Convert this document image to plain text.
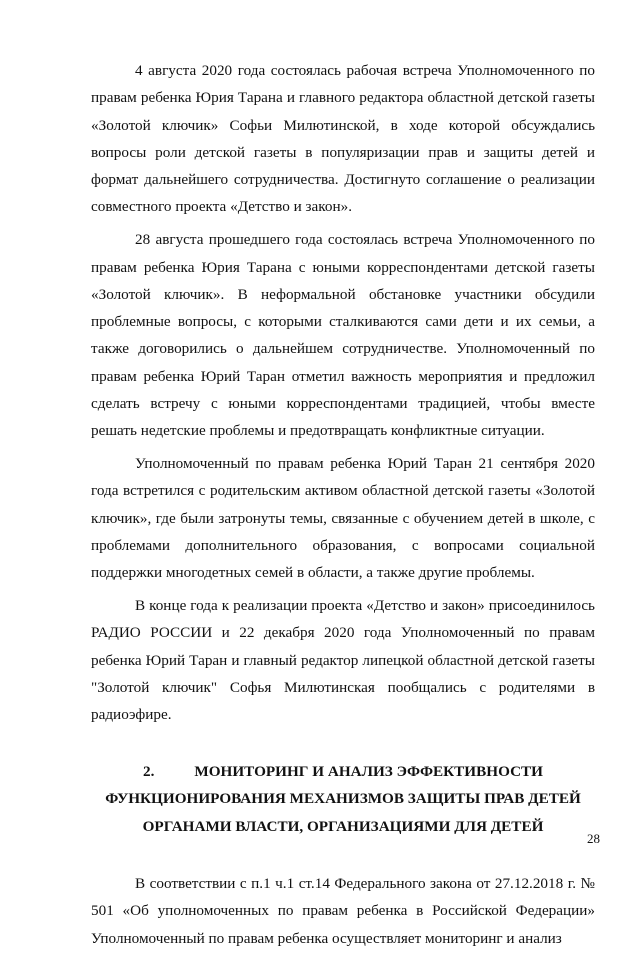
4 августа 2020 года состоялась рабочая встреча Уполномоченного по правам ребенка Юрия Тарана и главного редактора областной детской газеты «Золотой ключик» Софьи Милютинской, в ходе которой обсуждались вопросы роли детской газеты в популяризации прав и защиты детей и формат дальнейшего сотрудничества. Достигнуто соглашение о реализации совместного проекта «Детство и закон».

28 августа прошедшего года состоялась встреча Уполномоченного по правам ребенка Юрия Тарана с юными корреспондентами детской газеты «Золотой ключик». В неформальной обстановке участники обсудили проблемные вопросы, с которыми сталкиваются сами дети и их семьи, а также договорились о дальнейшем сотрудничестве. Уполномоченный по правам ребенка Юрий Таран отметил важность мероприятия и предложил сделать встречу с юными корреспондентами традицией, чтобы вместе решать недетские проблемы и предотвращать конфликтные ситуации.

Уполномоченный по правам ребенка Юрий Таран 21 сентября 2020 года встретился с родительским активом областной детской газеты «Золотой ключик», где были затронуты темы, связанные с обучением детей в школе, с проблемами дополнительного образования, с вопросами социальной поддержки многодетных семей в области, а также другие проблемы.

В конце года к реализации проекта «Детство и закон» присоединилось РАДИО РОССИИ и 22 декабря 2020 года Уполномоченный по правам ребенка Юрий Таран и главный редактор липецкой областной детской газеты "Золотой ключик" Софья Милютинская пообщались с родителями в радиоэфире.

2.	МОНИТОРИНГ И АНАЛИЗ ЭФФЕКТИВНОСТИ
ФУНКЦИОНИРОВАНИЯ МЕХАНИЗМОВ ЗАЩИТЫ ПРАВ ДЕТЕЙ
ОРГАНАМИ ВЛАСТИ, ОРГАНИЗАЦИЯМИ ДЛЯ ДЕТЕЙ

В соответствии с п.1 ч.1 ст.14 Федерального закона от 27.12.2018 г. № 501 «Об уполномоченных по правам ребенка в Российской Федерации» Уполномоченный по правам ребенка осуществляет мониторинг и анализ

28
